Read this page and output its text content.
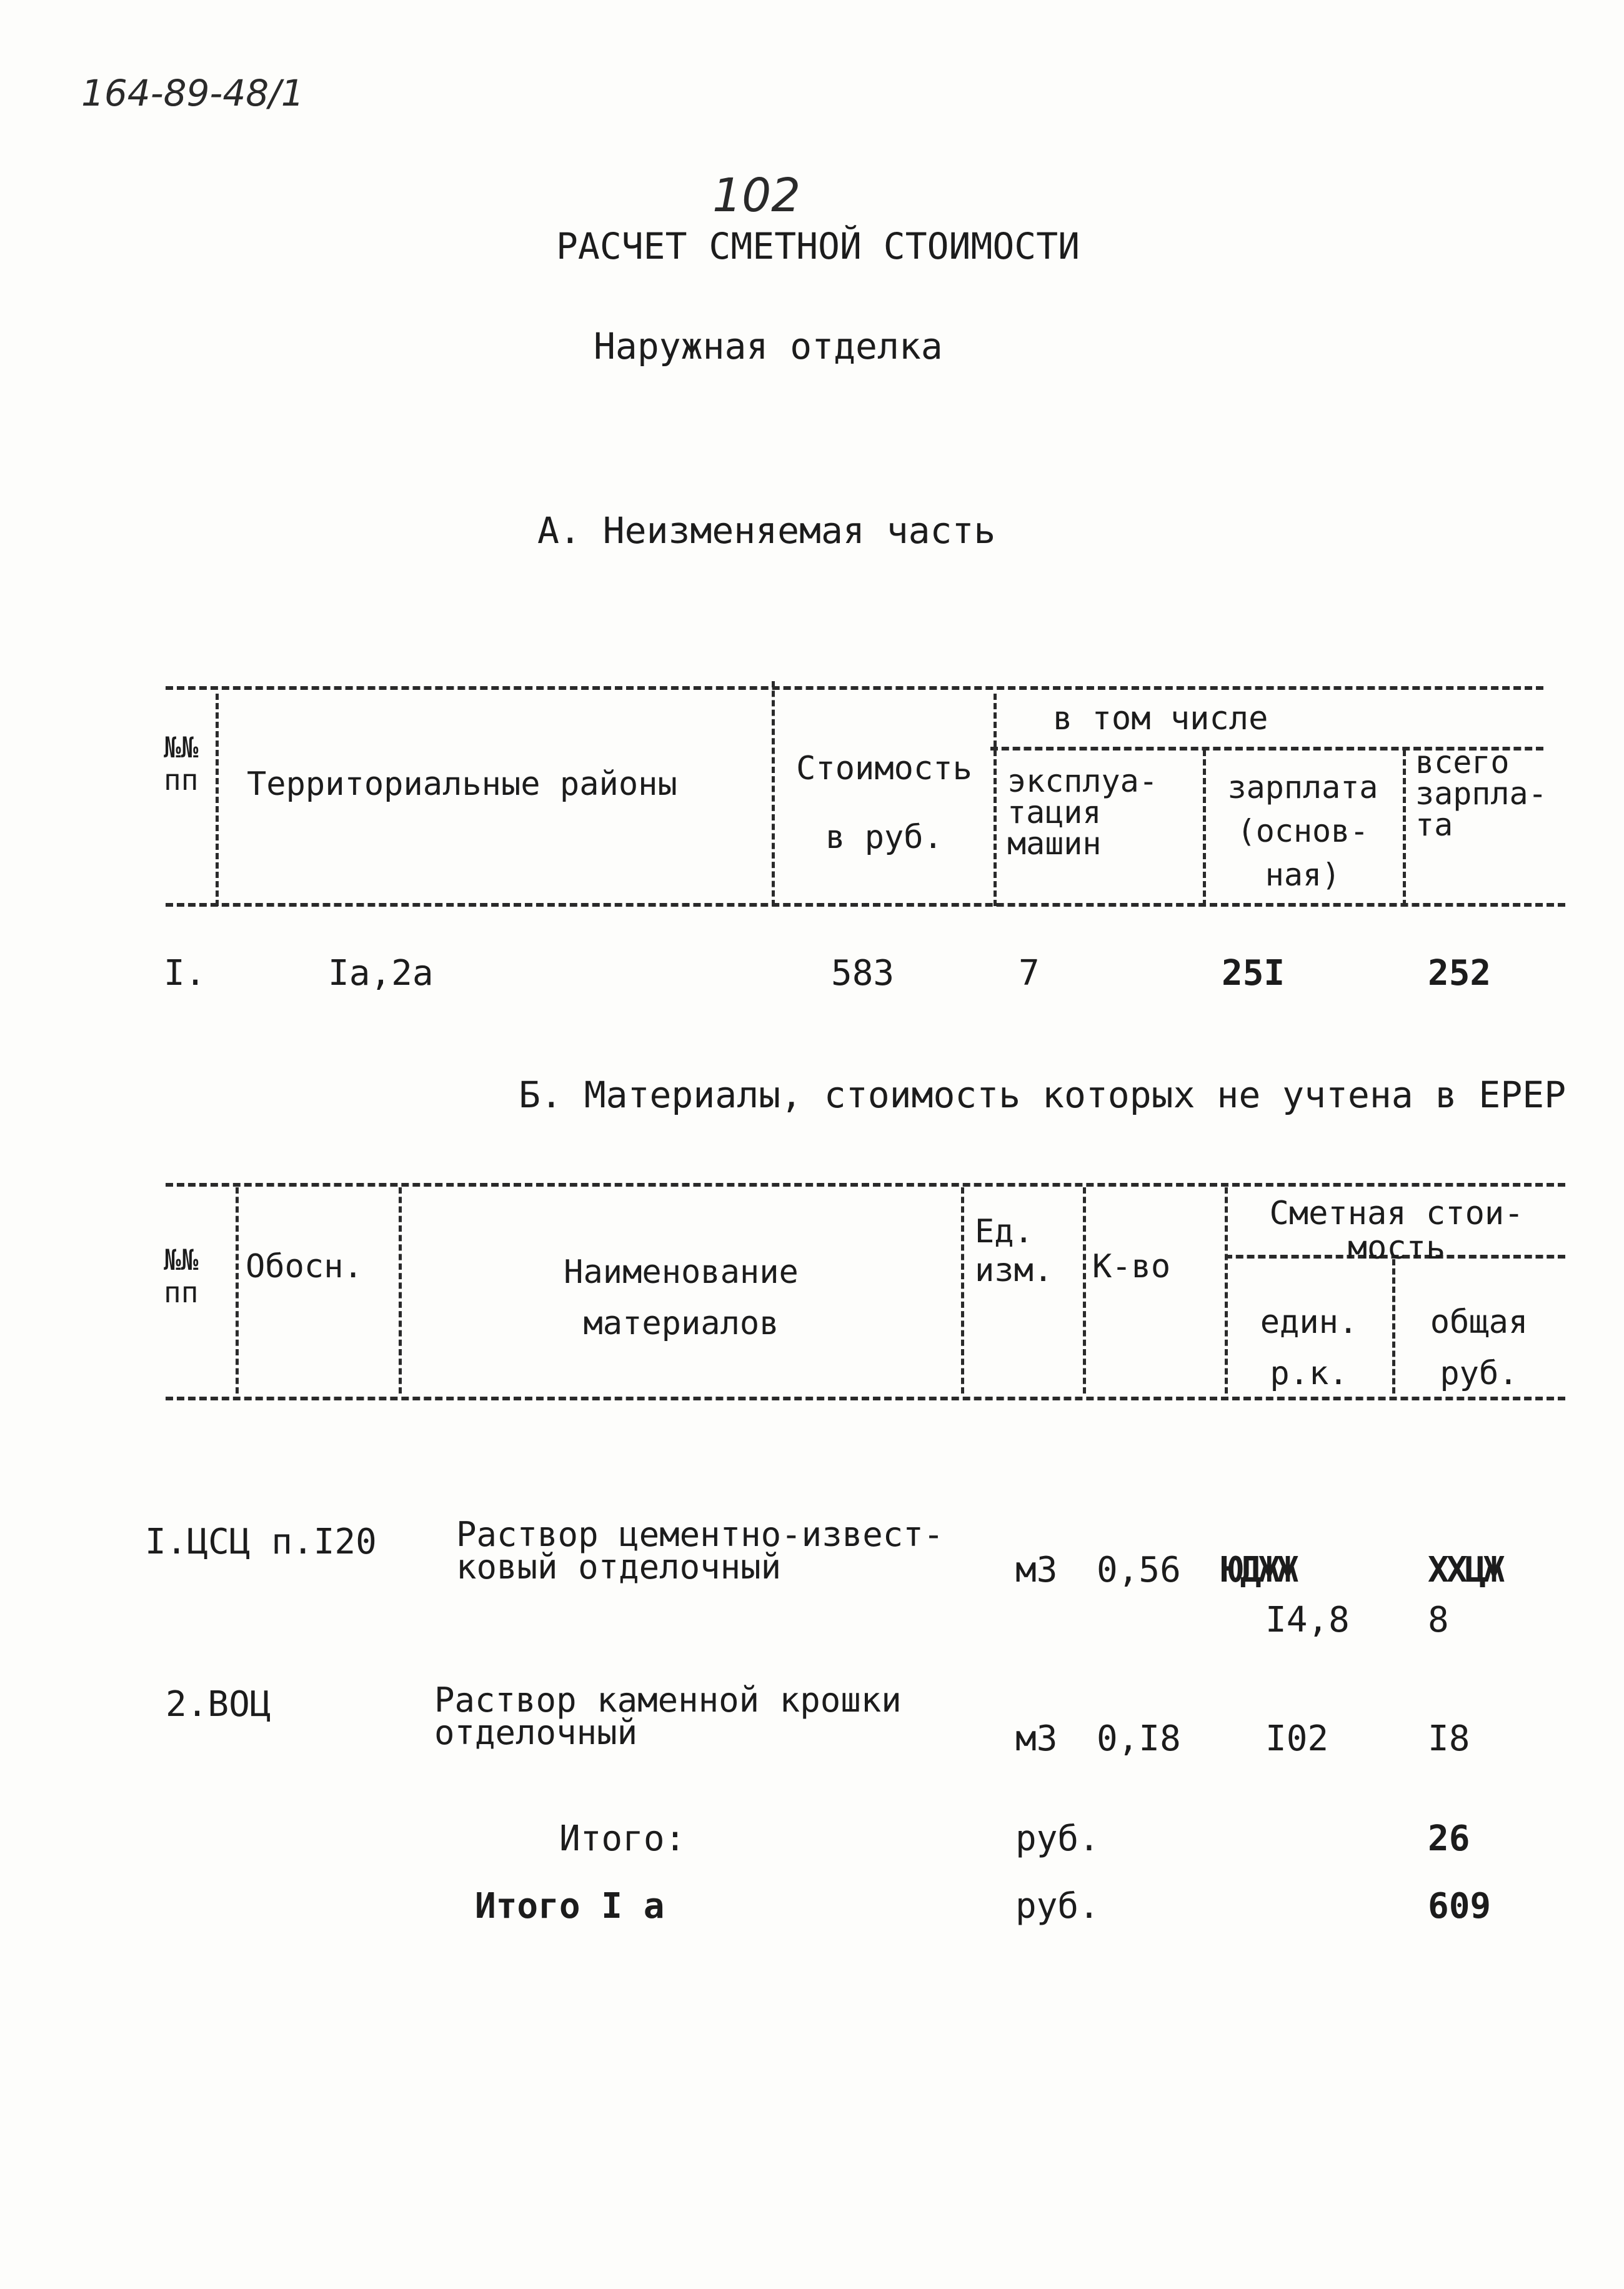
164-89-48/1
102
РАСЧЕТ СМЕТНОЙ СТОИМОСТИ
Наружная отделка
А. Неизменяемая часть
№№
пп Территориальные районы	Стоимость
в руб.
в том числе
эксплуа-
тация
машин
зарплата
(основ-
ная)
всего
зарпла-
та
I.	Iа,2а	583	7	25I	252
Б. Материалы, стоимость которых не учтена в ЕРЕР
№№
пп
Обосн.	Наименование
материалов
Ед.
изм. К-во
Сметная стои-
мость
един.
р.к.
общая
руб.
I.ЦСЦ п.I20 Раствор цементно-извест-
ковый отделочный	м3 0,56 ЮДЖЖ	ХХЦЖ
I4,8 8
2.ВОЦ	Раствор каменной крошки
отделочный	м3 0,I8 I02	I8
Итого:	руб.	26
Итого I а	руб.	609
